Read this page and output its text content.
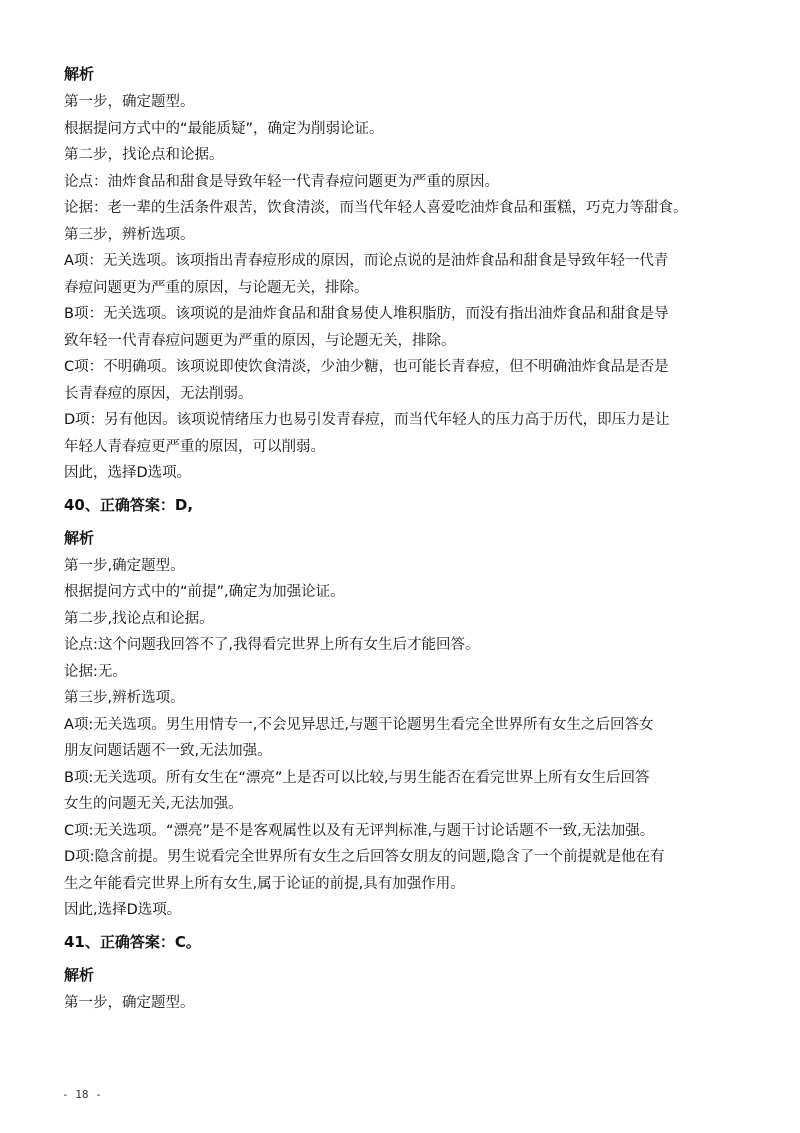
解析
第一步，确定题型。
根据提问方式中的“最能质疑”，确定为削弱论证。
第二步，找论点和论据。
论点：油炸食品和甜食是导致年轻一代青春痘问题更为严重的原因。
论据：老一辈的生活条件艰苦，饮食清淡，而当代年轻人喜爱吃油炸食品和蛋糕，巧克力等甜食。
第三步，辨析选项。
A项：无关选项。该项指出青春痘形成的原因，而论点说的是油炸食品和甜食是导致年轻一代青
春痘问题更为严重的原因，与论题无关，排除。
B项：无关选项。该项说的是油炸食品和甜食易使人堆积脂肪，而没有指出油炸食品和甜食是导
致年轻一代青春痘问题更为严重的原因，与论题无关，排除。
C项：不明确项。该项说即使饮食清淡，少油少糖，也可能长青春痘，但不明确油炸食品是否是
长青春痘的原因，无法削弱。
D项：另有他因。该项说情绪压力也易引发青春痘，而当代年轻人的压力高于历代，即压力是让
年轻人青春痘更严重的原因，可以削弱。
因此，选择D选项。
40、正确答案：D,
解析
第一步,确定题型。
根据提问方式中的“前提”,确定为加强论证。
第二步,找论点和论据。
论点:这个问题我回答不了,我得看完世界上所有女生后才能回答。
论据:无。
第三步,辨析选项。
A项:无关选项。男生用情专一,不会见异思迁,与题干论题男生看完全世界所有女生之后回答女
朋友问题话题不一致,无法加强。
B项:无关选项。所有女生在“漂亮”上是否可以比较,与男生能否在看完世界上所有女生后回答
女生的问题无关,无法加强。
C项:无关选项。“漂亮”是不是客观属性以及有无评判标准,与题干讨论话题不一致,无法加强。
D项:隐含前提。男生说看完全世界所有女生之后回答女朋友的问题,隐含了一个前提就是他在有
生之年能看完世界上所有女生,属于论证的前提,具有加强作用。
因此,选择D选项。
41、正确答案：C。
解析
第一步，确定题型。
- 18 -
